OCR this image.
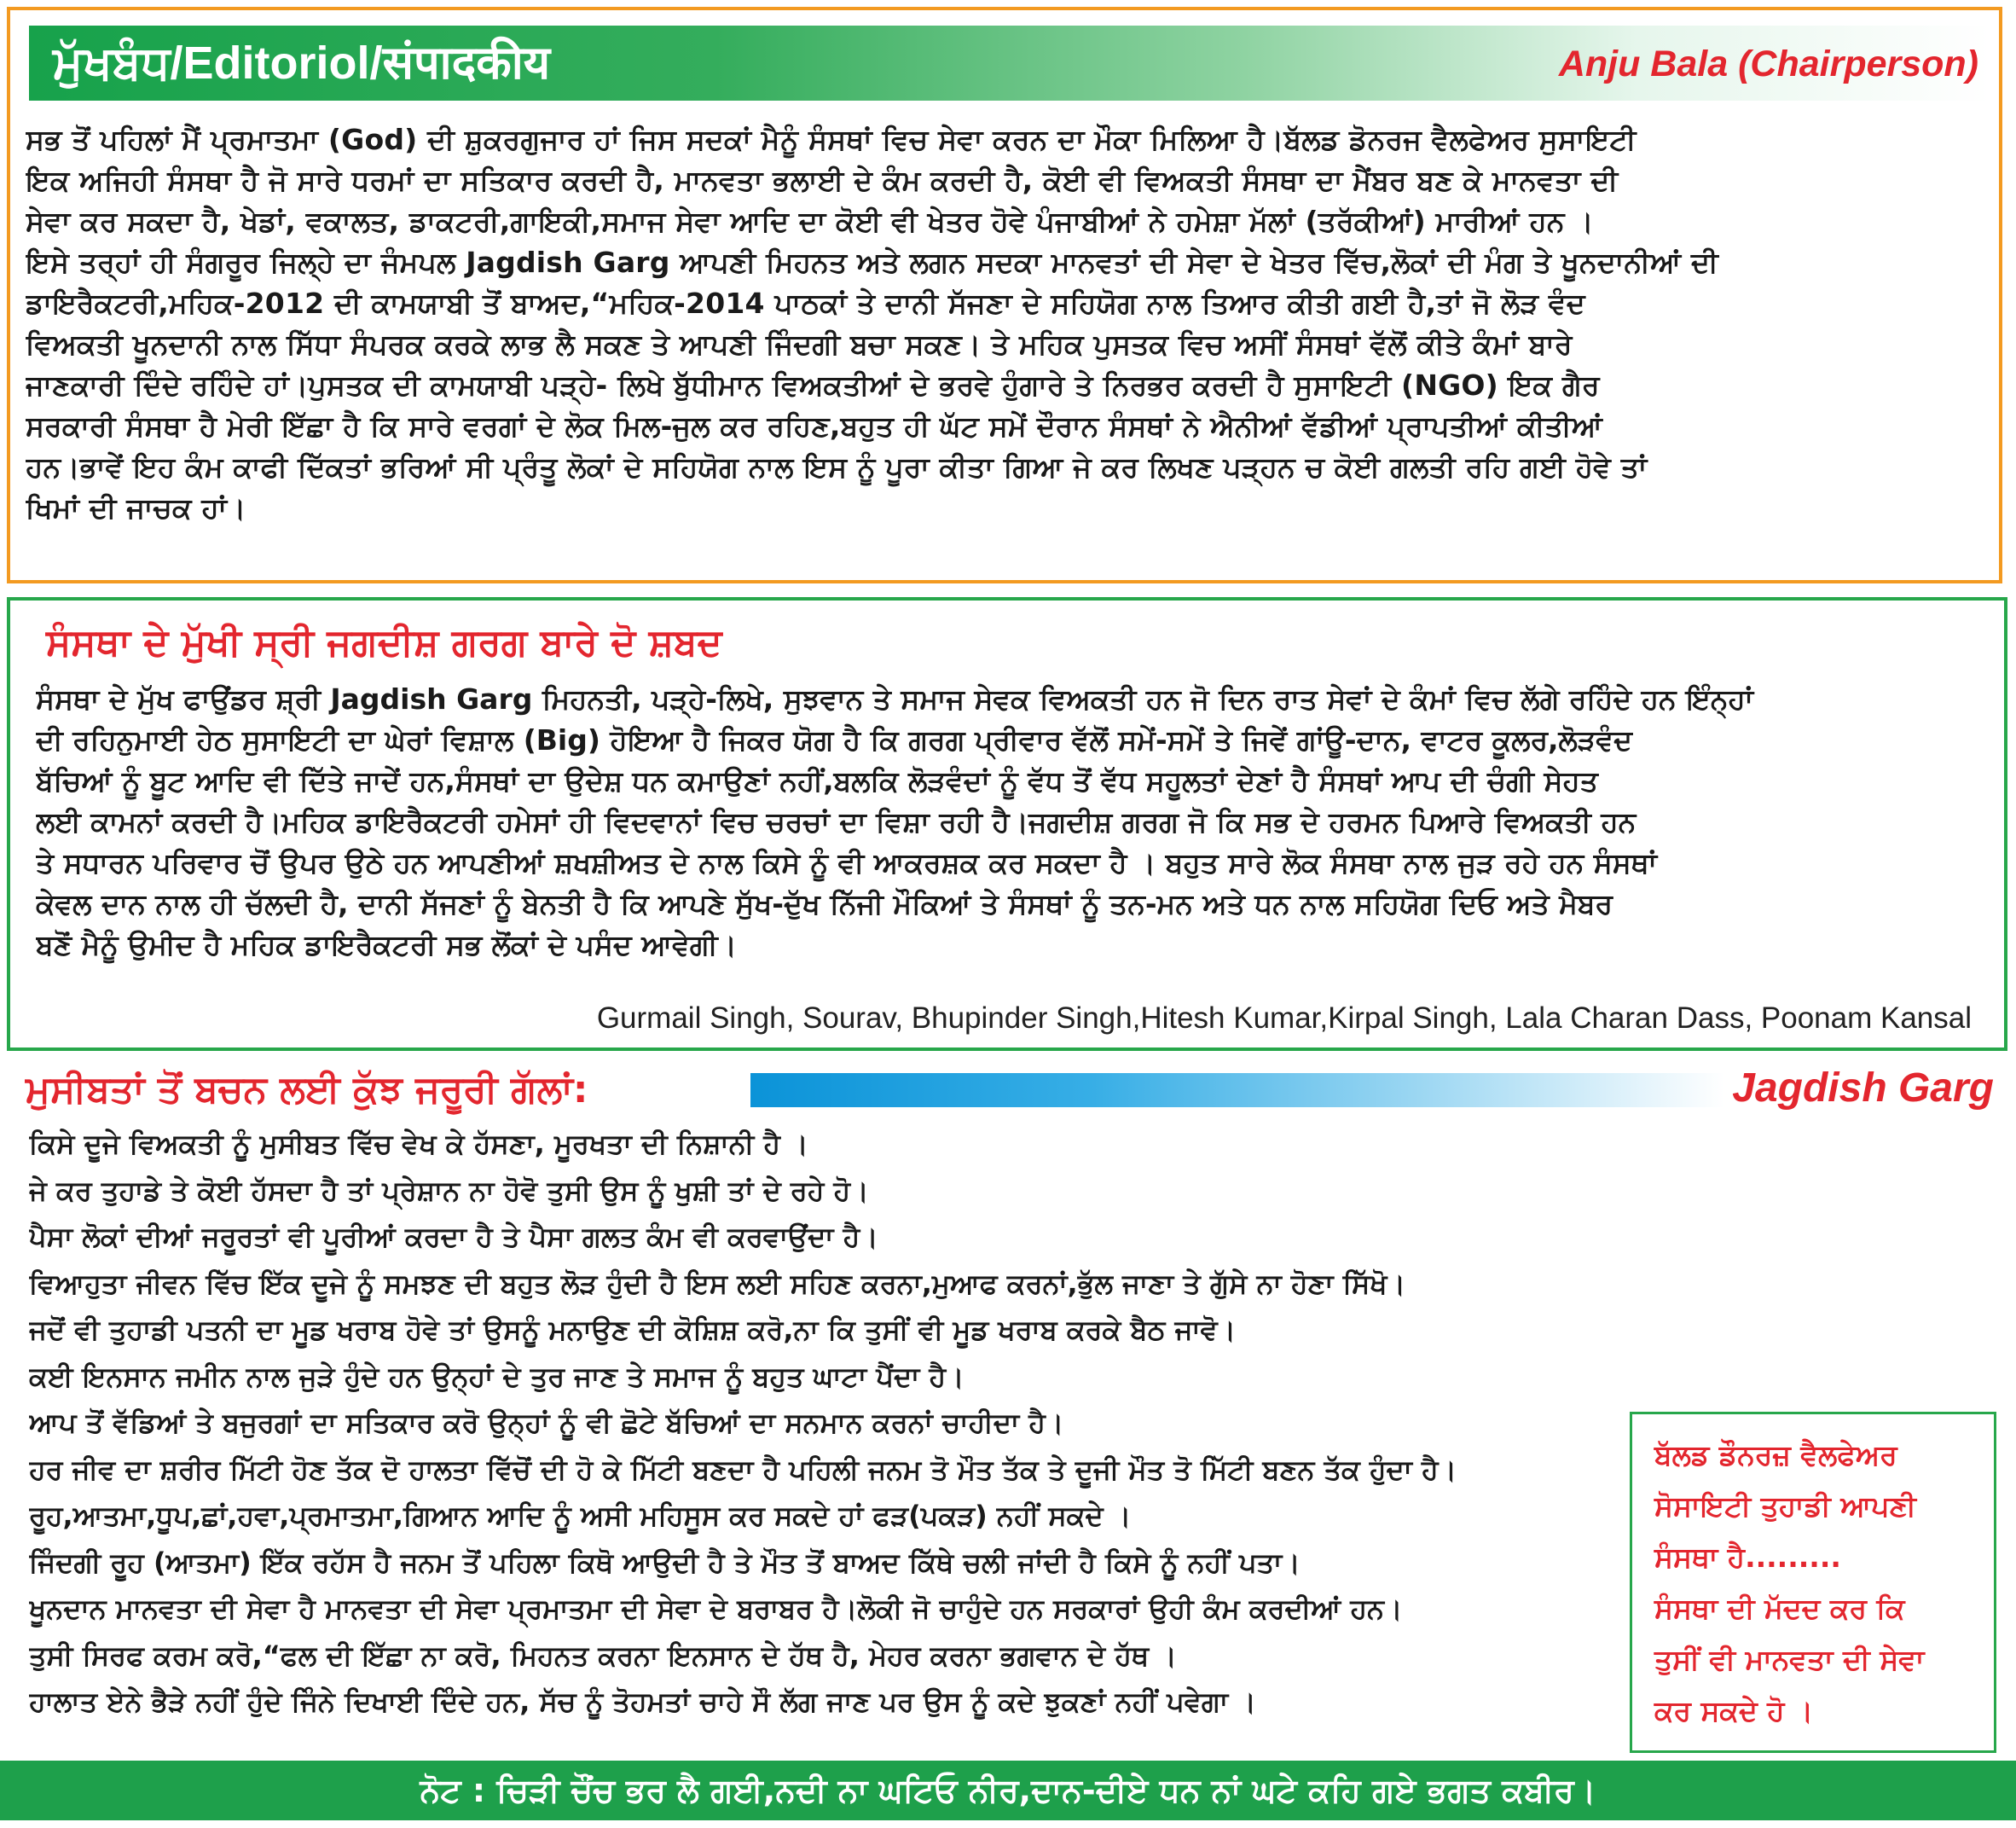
ਮੁੱਖਬੰਧ/Editoriol/संपादकीय	Anju Bala (Chairperson)
ਸਭ ਤੋਂ ਪਹਿਲਾਂ ਮੈਂ ਪ੍ਰਮਾਤਮਾ (God) ਦੀ ਸ਼ੁਕਰਗੁਜਾਰ ਹਾਂ ਜਿਸ ਸਦਕਾਂ ਮੈਨੂੰ ਸੰਸਥਾਂ ਵਿਚ ਸੇਵਾ ਕਰਨ ਦਾ ਮੌਕਾ ਮਿਲਿਆ ਹੈ।ਬੱਲਡ ਡੋਨਰਜ ਵੈਲਫੇਅਰ ਸੁਸਾਇਟੀ
ਇਕ ਅਜਿਹੀ ਸੰਸਥਾ ਹੈ ਜੋ ਸਾਰੇ ਧਰਮਾਂ ਦਾ ਸਤਿਕਾਰ ਕਰਦੀ ਹੈ, ਮਾਨਵਤਾ ਭਲਾਈ ਦੇ ਕੰਮ ਕਰਦੀ ਹੈ, ਕੋਈ ਵੀ ਵਿਅਕਤੀ ਸੰਸਥਾ ਦਾ ਮੈਂਬਰ ਬਣ ਕੇ ਮਾਨਵਤਾ ਦੀ
ਸੇਵਾ ਕਰ ਸਕਦਾ ਹੈ, ਖੇਡਾਂ, ਵਕਾਲਤ, ਡਾਕਟਰੀ,ਗਾਇਕੀ,ਸਮਾਜ ਸੇਵਾ ਆਦਿ ਦਾ ਕੋਈ ਵੀ ਖੇਤਰ ਹੋਵੇ ਪੰਜਾਬੀਆਂ ਨੇ ਹਮੇਸ਼ਾ ਮੱਲਾਂ (ਤਰੱਕੀਆਂ) ਮਾਰੀਆਂ ਹਨ ।
ਇਸੇ ਤਰ੍ਹਾਂ ਹੀ ਸੰਗਰੂਰ ਜਿਲ੍ਹੇ ਦਾ ਜੰਮਪਲ Jagdish Garg ਆਪਣੀ ਮਿਹਨਤ ਅਤੇ ਲਗਨ ਸਦਕਾ ਮਾਨਵਤਾਂ ਦੀ ਸੇਵਾ ਦੇ ਖੇਤਰ ਵਿੱਚ,ਲੋਕਾਂ ਦੀ ਮੰਗ ਤੇ ਖੂਨਦਾਨੀਆਂ ਦੀ
ਡਾਇਰੈਕਟਰੀ,ਮਹਿਕ-2012 ਦੀ ਕਾਮਯਾਬੀ ਤੋਂ ਬਾਅਦ,“ਮਹਿਕ-2014 ਪਾਠਕਾਂ ਤੇ ਦਾਨੀ ਸੱਜਣਾ ਦੇ ਸਹਿਯੋਗ ਨਾਲ ਤਿਆਰ ਕੀਤੀ ਗਈ ਹੈ,ਤਾਂ ਜੋ ਲੋੜ ਵੰਦ
ਵਿਅਕਤੀ ਖੂਨਦਾਨੀ ਨਾਲ ਸਿੱਧਾ ਸੰਪਰਕ ਕਰਕੇ ਲਾਭ ਲੈ ਸਕਣ ਤੇ ਆਪਣੀ ਜਿੰਦਗੀ ਬਚਾ ਸਕਣ। ਤੇ ਮਹਿਕ ਪੁਸਤਕ ਵਿਚ ਅਸੀਂ ਸੰਸਥਾਂ ਵੱਲੋਂ ਕੀਤੇ ਕੰਮਾਂ ਬਾਰੇ
ਜਾਣਕਾਰੀ ਦਿੰਦੇ ਰਹਿੰਦੇ ਹਾਂ।ਪੁਸਤਕ ਦੀ ਕਾਮਯਾਬੀ ਪੜ੍ਹੇ- ਲਿਖੇ ਬੁੱਧੀਮਾਨ ਵਿਅਕਤੀਆਂ ਦੇ ਭਰਵੇ ਹੁੰਗਾਰੇ ਤੇ ਨਿਰਭਰ ਕਰਦੀ ਹੈ ਸੁਸਾਇਟੀ (NGO) ਇਕ ਗੈਰ
ਸਰਕਾਰੀ ਸੰਸਥਾ ਹੈ ਮੇਰੀ ਇੱਛਾ ਹੈ ਕਿ ਸਾਰੇ ਵਰਗਾਂ ਦੇ ਲੋਕ ਮਿਲ-ਜੁਲ ਕਰ ਰਹਿਣ,ਬਹੁਤ ਹੀ ਘੱਟ ਸਮੇਂ ਦੌਰਾਨ ਸੰਸਥਾਂ ਨੇ ਐਨੀਆਂ ਵੱਡੀਆਂ ਪ੍ਰਾਪਤੀਆਂ ਕੀਤੀਆਂ
ਹਨ।ਭਾਵੇਂ ਇਹ ਕੰਮ ਕਾਫੀ ਦਿੱਕਤਾਂ ਭਰਿਆਂ ਸੀ ਪ੍ਰੰਤੂ ਲੋਕਾਂ ਦੇ ਸਹਿਯੋਗ ਨਾਲ ਇਸ ਨੂੰ ਪੂਰਾ ਕੀਤਾ ਗਿਆ ਜੇ ਕਰ ਲਿਖਣ ਪੜ੍ਹਨ ਚ ਕੋਈ ਗਲਤੀ ਰਹਿ ਗਈ ਹੋਵੇ ਤਾਂ
ਖਿਮਾਂ ਦੀ ਜਾਚਕ ਹਾਂ।
ਸੰਸਥਾ ਦੇ ਮੁੱਖੀ ਸ੍ਰੀ ਜਗਦੀਸ਼ ਗਰਗ ਬਾਰੇ ਦੋ ਸ਼ਬਦ
ਸੰਸਥਾ ਦੇ ਮੁੱਖ ਫਾਉਂਡਰ ਸ਼੍ਰੀ Jagdish Garg ਮਿਹਨਤੀ, ਪੜ੍ਹੇ-ਲਿਖੇ, ਸੁਝਵਾਨ ਤੇ ਸਮਾਜ ਸੇਵਕ ਵਿਅਕਤੀ ਹਨ ਜੋ ਦਿਨ ਰਾਤ ਸੇਵਾਂ ਦੇ ਕੰਮਾਂ ਵਿਚ ਲੱਗੇ ਰਹਿੰਦੇ ਹਨ ਇੰਨ੍ਹਾਂ
ਦੀ ਰਹਿਨੁਮਾਈ ਹੇਠ ਸੁਸਾਇਟੀ ਦਾ ਘੇਰਾਂ ਵਿਸ਼ਾਲ (Big) ਹੋਇਆ ਹੈ ਜਿਕਰ ਯੋਗ ਹੈ ਕਿ ਗਰਗ ਪ੍ਰੀਵਾਰ ਵੱਲੋਂ ਸਮੇਂ-ਸਮੇਂ ਤੇ ਜਿਵੇਂ ਗਾਂਊ-ਦਾਨ, ਵਾਟਰ ਕੂਲਰ,ਲੋੜਵੰਦ
ਬੱਚਿਆਂ ਨੂੰ ਬੂਟ ਆਦਿ ਵੀ ਦਿੱਤੇ ਜਾਦੇਂ ਹਨ,ਸੰਸਥਾਂ ਦਾ ਉਦੇਸ਼ ਧਨ ਕਮਾਉਣਾਂ ਨਹੀਂ,ਬਲਕਿ ਲੋੜਵੰਦਾਂ ਨੂੰ ਵੱਧ ਤੋਂ ਵੱਧ ਸਹੂਲਤਾਂ ਦੇਣਾਂ ਹੈ ਸੰਸਥਾਂ ਆਪ ਦੀ ਚੰਗੀ ਸੇਹਤ
ਲਈ ਕਾਮਨਾਂ ਕਰਦੀ ਹੈ।ਮਹਿਕ ਡਾਇਰੈਕਟਰੀ ਹਮੇਸਾਂ ਹੀ ਵਿਦਵਾਨਾਂ ਵਿਚ ਚਰਚਾਂ ਦਾ ਵਿਸ਼ਾ ਰਹੀ ਹੈ।ਜਗਦੀਸ਼ ਗਰਗ ਜੋ ਕਿ ਸਭ ਦੇ ਹਰਮਨ ਪਿਆਰੇ ਵਿਅਕਤੀ ਹਨ
ਤੇ ਸਧਾਰਨ ਪਰਿਵਾਰ ਚੋਂ ਉਪਰ ਉਠੇ ਹਨ ਆਪਣੀਆਂ ਸ਼ਖਸ਼ੀਅਤ ਦੇ ਨਾਲ ਕਿਸੇ ਨੂੰ ਵੀ ਆਕਰਸ਼ਕ ਕਰ ਸਕਦਾ ਹੈ । ਬਹੁਤ ਸਾਰੇ ਲੋਕ ਸੰਸਥਾ ਨਾਲ ਜੁੜ ਰਹੇ ਹਨ ਸੰਸਥਾਂ
ਕੇਵਲ ਦਾਨ ਨਾਲ ਹੀ ਚੱਲਦੀ ਹੈ, ਦਾਨੀ ਸੱਜਣਾਂ ਨੂੰ ਬੇਨਤੀ ਹੈ ਕਿ ਆਪਣੇ ਸੁੱਖ-ਦੁੱਖ ਨਿੱਜੀ ਮੌਕਿਆਂ ਤੇ ਸੰਸਥਾਂ ਨੂੰ ਤਨ-ਮਨ ਅਤੇ ਧਨ ਨਾਲ ਸਹਿਯੋਗ ਦਿਓ ਅਤੇ ਮੈਬਰ
ਬਣੋਂ ਮੈਨੂੰ ਉਮੀਦ ਹੈ ਮਹਿਕ ਡਾਇਰੈਕਟਰੀ ਸਭ ਲੋਂਕਾਂ ਦੇ ਪਸੰਦ ਆਵੇਗੀ।
Gurmail Singh, Sourav, Bhupinder Singh,Hitesh Kumar,Kirpal Singh, Lala Charan Dass, Poonam Kansal
ਮੁਸੀਬਤਾਂ ਤੋਂ ਬਚਨ ਲਈ ਕੁੱਝ ਜਰੂਰੀ ਗੱਲਾਂ:	Jagdish Garg
ਕਿਸੇ ਦੂਜੇ ਵਿਅਕਤੀ ਨੂੰ ਮੁਸੀਬਤ ਵਿੱਚ ਵੇਖ ਕੇ ਹੱਸਣਾ, ਮੂਰਖਤਾ ਦੀ ਨਿਸ਼ਾਨੀ ਹੈ ।
ਜੇ ਕਰ ਤੁਹਾਡੇ ਤੇ ਕੋਈ ਹੱਸਦਾ ਹੈ ਤਾਂ ਪ੍ਰੇਸ਼ਾਨ ਨਾ ਹੋਵੋ ਤੁਸੀ ਉਸ ਨੂੰ ਖੁਸ਼ੀ ਤਾਂ ਦੇ ਰਹੇ ਹੋ।
ਪੈਸਾ ਲੋਕਾਂ ਦੀਆਂ ਜਰੂਰਤਾਂ ਵੀ ਪੂਰੀਆਂ ਕਰਦਾ ਹੈ ਤੇ ਪੈਸਾ ਗਲਤ ਕੰਮ ਵੀ ਕਰਵਾਉਂਦਾ ਹੈ।
ਵਿਆਹੁਤਾ ਜੀਵਨ ਵਿੱਚ ਇੱਕ ਦੂਜੇ ਨੂੰ ਸਮਝਣ ਦੀ ਬਹੁਤ ਲੋੜ ਹੁੰਦੀ ਹੈ ਇਸ ਲਈ ਸਹਿਣ ਕਰਨਾ,ਮੁਆਫ ਕਰਨਾਂ,ਭੁੱਲ ਜਾਣਾ ਤੇ ਗੁੱਸੇ ਨਾ ਹੋਣਾ ਸਿੱਖੋ।
ਜਦੋਂ ਵੀ ਤੁਹਾਡੀ ਪਤਨੀ ਦਾ ਮੂਡ ਖਰਾਬ ਹੋਵੇ ਤਾਂ ਉਸਨੂੰ ਮਨਾਉਣ ਦੀ ਕੋਸ਼ਿਸ਼ ਕਰੋ,ਨਾ ਕਿ ਤੁਸੀਂ ਵੀ ਮੂਡ ਖਰਾਬ ਕਰਕੇ ਬੈਠ ਜਾਵੋ।
ਕਈ ਇਨਸਾਨ ਜਮੀਨ ਨਾਲ ਜੁੜੇ ਹੁੰਦੇ ਹਨ ਉਨ੍ਹਾਂ ਦੇ ਤੁਰ ਜਾਣ ਤੇ ਸਮਾਜ ਨੂੰ ਬਹੁਤ ਘਾਟਾ ਪੈਂਦਾ ਹੈ।
ਆਪ ਤੋਂ ਵੱਡਿਆਂ ਤੇ ਬਜੁਰਗਾਂ ਦਾ ਸਤਿਕਾਰ ਕਰੋ ਉਨ੍ਹਾਂ ਨੂੰ ਵੀ ਛੋਟੇ ਬੱਚਿਆਂ ਦਾ ਸਨਮਾਨ ਕਰਨਾਂ ਚਾਹੀਦਾ ਹੈ।
ਹਰ ਜੀਵ ਦਾ ਸ਼ਰੀਰ ਮਿੱਟੀ ਹੋਣ ਤੱਕ ਦੋ ਹਾਲਤਾ ਵਿੱਚੋਂ ਦੀ ਹੋ ਕੇ ਮਿੱਟੀ ਬਣਦਾ ਹੈ ਪਹਿਲੀ ਜਨਮ ਤੋ ਮੌਤ ਤੱਕ ਤੇ ਦੂਜੀ ਮੌਤ ਤੋ ਮਿੱਟੀ ਬਣਨ ਤੱਕ ਹੁੰਦਾ ਹੈ।
ਰੂਹ,ਆਤਮਾ,ਧੂਪ,ਛਾਂ,ਹਵਾ,ਪ੍ਰਮਾਤਮਾ,ਗਿਆਨ ਆਦਿ ਨੂੰ ਅਸੀ ਮਹਿਸੂਸ ਕਰ ਸਕਦੇ ਹਾਂ ਫੜ(ਪਕੜ) ਨਹੀਂ ਸਕਦੇ ।
ਜਿੰਦਗੀ ਰੂਹ (ਆਤਮਾ) ਇੱਕ ਰਹੱਸ ਹੈ ਜਨਮ ਤੋਂ ਪਹਿਲਾ ਕਿਥੋ ਆਉਦੀ ਹੈ ਤੇ ਮੌਤ ਤੋਂ ਬਾਅਦ ਕਿੱਥੇ ਚਲੀ ਜਾਂਦੀ ਹੈ ਕਿਸੇ ਨੂੰ ਨਹੀਂ ਪਤਾ।
ਖੂਨਦਾਨ ਮਾਨਵਤਾ ਦੀ ਸੇਵਾ ਹੈ ਮਾਨਵਤਾ ਦੀ ਸੇਵਾ ਪ੍ਰਮਾਤਮਾ ਦੀ ਸੇਵਾ ਦੇ ਬਰਾਬਰ ਹੈ।ਲੋਕੀ ਜੋ ਚਾਹੁੰਦੇ ਹਨ ਸਰਕਾਰਾਂ ਉਹੀ ਕੰਮ ਕਰਦੀਆਂ ਹਨ।
ਤੁਸੀ ਸਿਰਫ ਕਰਮ ਕਰੋ,“ਫਲ ਦੀ ਇੱਛਾ ਨਾ ਕਰੋ, ਮਿਹਨਤ ਕਰਨਾ ਇਨਸਾਨ ਦੇ ਹੱਥ ਹੈ, ਮੇਹਰ ਕਰਨਾ ਭਗਵਾਨ ਦੇ ਹੱਥ ।
ਹਾਲਾਤ ਏਨੇ ਭੈੜੇ ਨਹੀਂ ਹੁੰਦੇ ਜਿੰਨੇ ਦਿਖਾਈ ਦਿੰਦੇ ਹਨ, ਸੱਚ ਨੂੰ ਤੋਹਮਤਾਂ ਚਾਹੇ ਸੌ ਲੱਗ ਜਾਣ ਪਰ ਉਸ ਨੂੰ ਕਦੇ ਝੁਕਣਾਂ ਨਹੀਂ ਪਵੇਗਾ ।
ਬੱਲਡ ਡੌਨਰਜ਼ ਵੈਲਫੇਅਰ
ਸੋਸਾਇਟੀ ਤੁਹਾਡੀ ਆਪਣੀ
ਸੰਸਥਾ ਹੈ.........
ਸੰਸਥਾ ਦੀ ਮੱਦਦ ਕਰ ਕਿ
ਤੁਸੀਂ ਵੀ ਮਾਨਵਤਾ ਦੀ ਸੇਵਾ
ਕਰ ਸਕਦੇ ਹੋ ।
ਨੋਟ : ਚਿੜੀ ਚੌਂਚ ਭਰ ਲੈ ਗਈ,ਨਦੀ ਨਾ ਘਟਿਓ ਨੀਰ,ਦਾਨ-ਦੀਏ ਧਨ ਨਾਂ ਘਟੇ ਕਹਿ ਗਏ ਭਗਤ ਕਬੀਰ।
